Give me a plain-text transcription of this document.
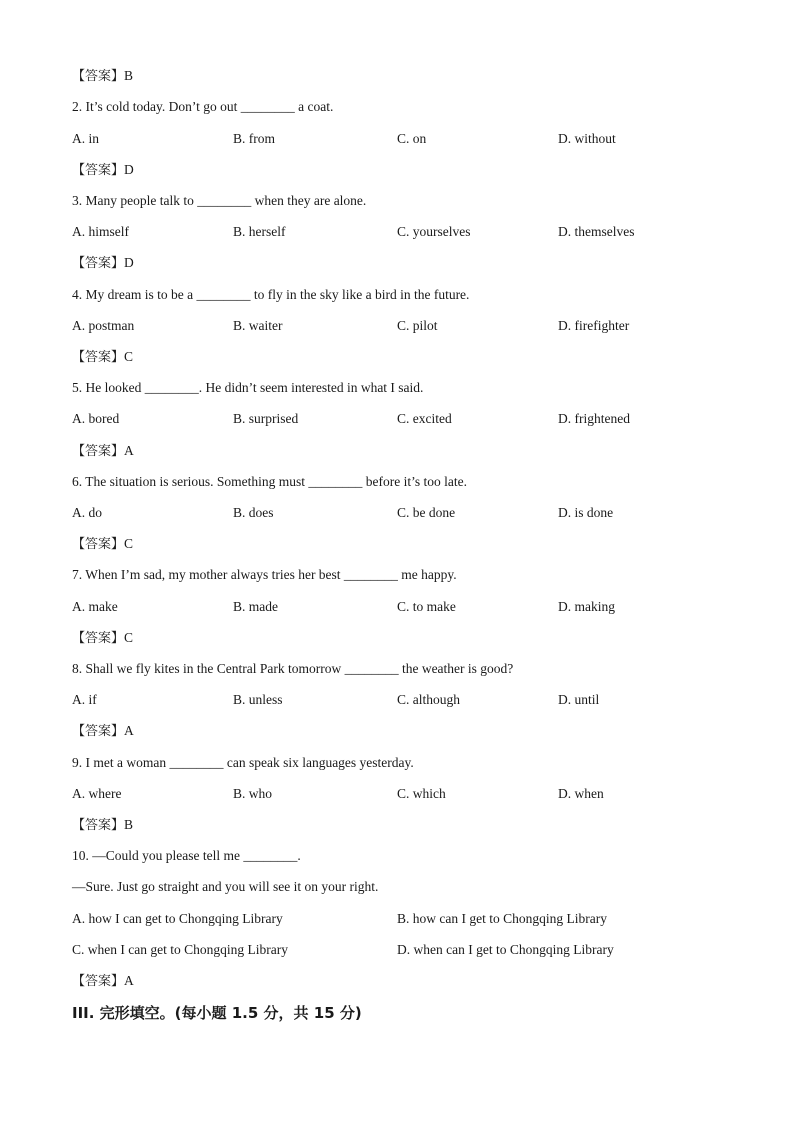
【答案】B
2. It’s cold today. Don’t go out ________ a coat.
A. in	B. from	C. on	D. without
【答案】D
3. Many people talk to ________ when they are alone.
A. himself	B. herself	C. yourselves	D. themselves
【答案】D
4. My dream is to be a ________ to fly in the sky like a bird in the future.
A. postman	B. waiter	C. pilot	D. firefighter
【答案】C
5. He looked ________. He didn’t seem interested in what I said.
A. bored	B. surprised	C. excited	D. frightened
【答案】A
6. The situation is serious. Something must ________ before it’s too late.
A. do	B. does	C. be done	D. is done
【答案】C
7. When I’m sad, my mother always tries her best ________ me happy.
A. make	B. made	C. to make	D. making
【答案】C
8. Shall we fly kites in the Central Park tomorrow ________ the weather is good?
A. if	B. unless	C. although	D. until
【答案】A
9. I met a woman ________ can speak six languages yesterday.
A. where	B. who	C. which	D. when
【答案】B
10. —Could you please tell me ________.
—Sure. Just go straight and you will see it on your right.
A. how I can get to Chongqing Library	B. how can I get to Chongqing Library
C. when I can get to Chongqing Library	D. when can I get to Chongqing Library
【答案】A
III. 完形填空。(每小题 1.5 分，共 15 分)
